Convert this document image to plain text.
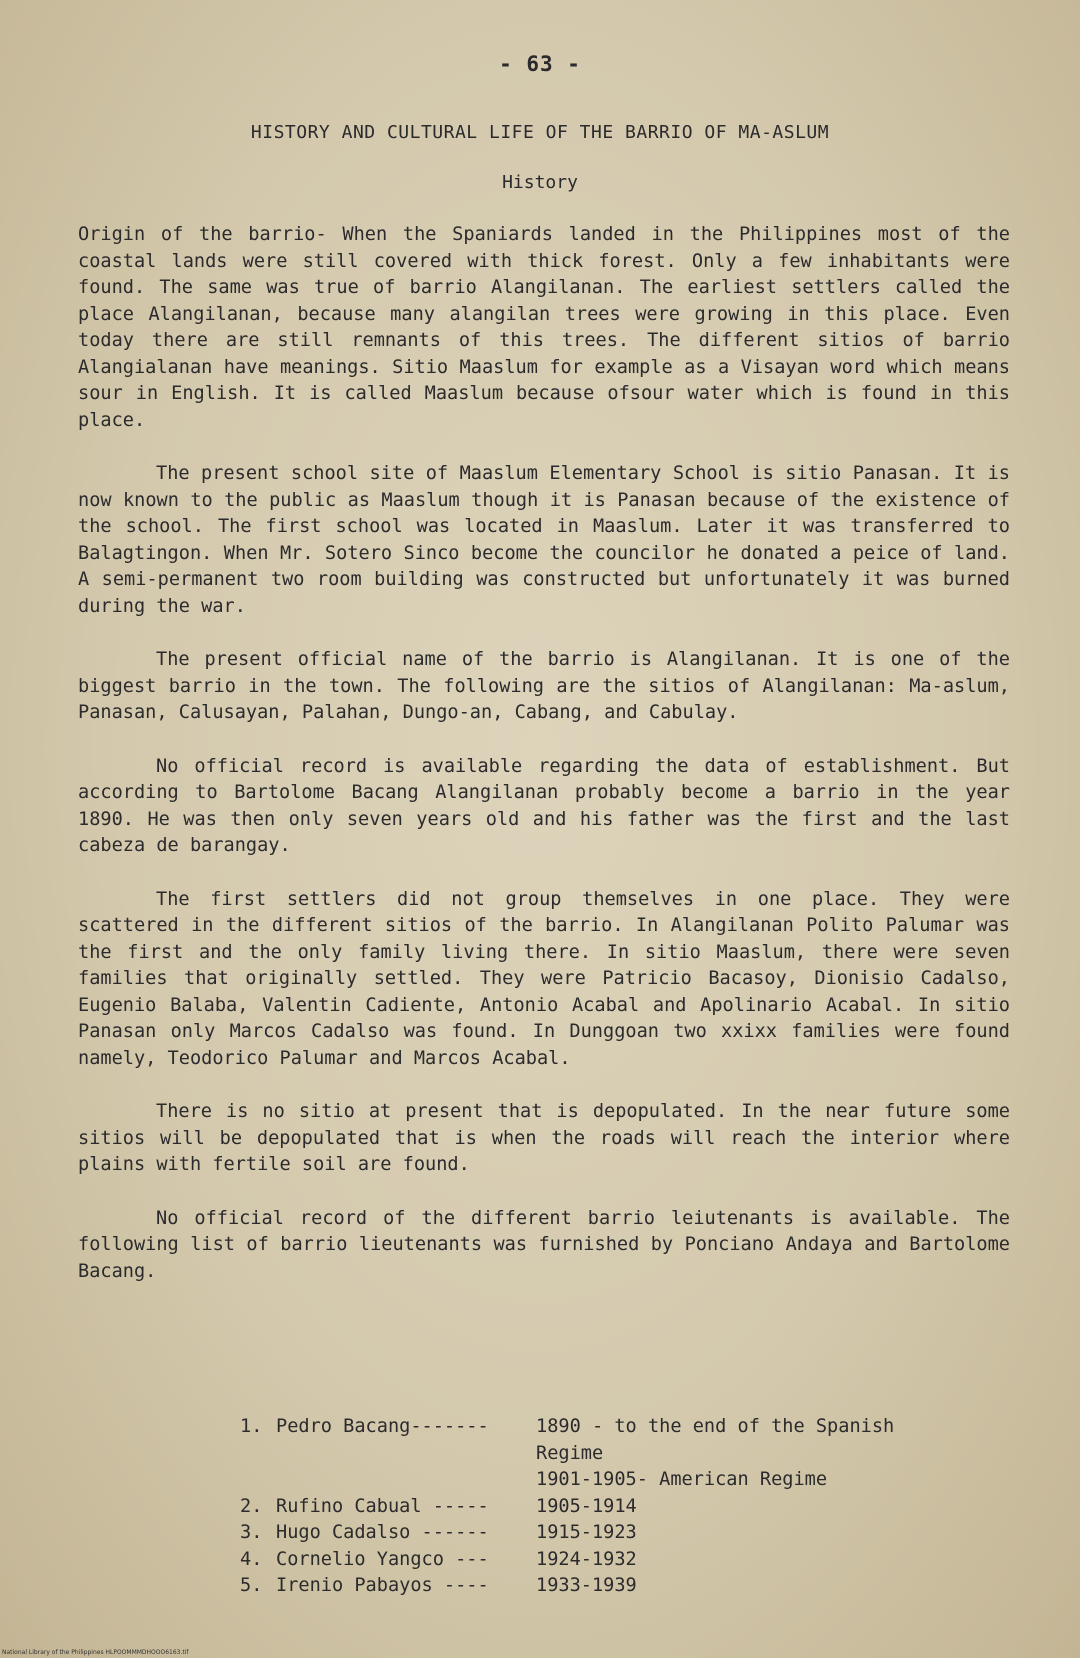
- 63 -
HISTORY AND CULTURAL LIFE OF THE BARRIO OF MA-ASLUM
History

Origin of the barrio- When the Spaniards landed in the Philippines most of the coastal lands were still covered with thick forest. Only a few inhabitants were found. The same was true of barrio Alangilanan. The earliest settlers called the place Alangilanan, because many alangilan trees were growing in this place. Even today there are still remnants of this trees. The different sitios of barrio Alangialanan have meanings. Sitio Maaslum for example as a Visayan word which means sour in English. It is called Maaslum because ofsour water which is found in this place.

The present school site of Maaslum Elementary School is sitio Panasan. It is now known to the public as Maaslum though it is Panasan because of the existence of the school. The first school was located in Maaslum. Later it was transferred to Balagtingon. When Mr. Sotero Sinco become the councilor he donated a peice of land. A semi-permanent two room building was constructed but unfortunately it was burned during the war.

The present official name of the barrio is Alangilanan. It is one of the biggest barrio in the town. The following are the sitios of Alangilanan: Ma-aslum, Panasan, Calusayan, Palahan, Dungo-an, Cabang, and Cabulay.

No official record is available regarding the data of establishment. But according to Bartolome Bacang Alangilanan probably become a barrio in the year 1890. He was then only seven years old and his father was the first and the last cabeza de barangay.

The first settlers did not group themselves in one place. They were scattered in the different sitios of the barrio. In Alangilanan Polito Palumar was the first and the only family living there. In sitio Maaslum, there were seven families that originally settled. They were Patricio Bacasoy, Dionisio Cadalso, Eugenio Balaba, Valentin Cadiente, Antonio Acabal and Apolinario Acabal. In sitio Panasan only Marcos Cadalso was found. In Dunggoan two xxixx families were found namely, Teodorico Palumar and Marcos Acabal.

There is no sitio at present that is depopulated. In the near future some sitios will be depopulated that is when the roads will reach the interior where plains with fertile soil are found.

No official record of the different barrio leiutenants is available. The following list of barrio lieutenants was furnished by Ponciano Andaya and Bartolome Bacang.

1. Pedro Bacang-------	1890 - to the end of the Spanish Regime
1901-1905- American Regime
2. Rufino Cabual -----	1905-1914
3. Hugo Cadalso ------	1915-1923
4. Cornelio Yangco ---	1924-1932
5. Irenio Pabayos ----	1933-1939
National Library of the Philippines HLPOOMMMDHOOO6163.tif
